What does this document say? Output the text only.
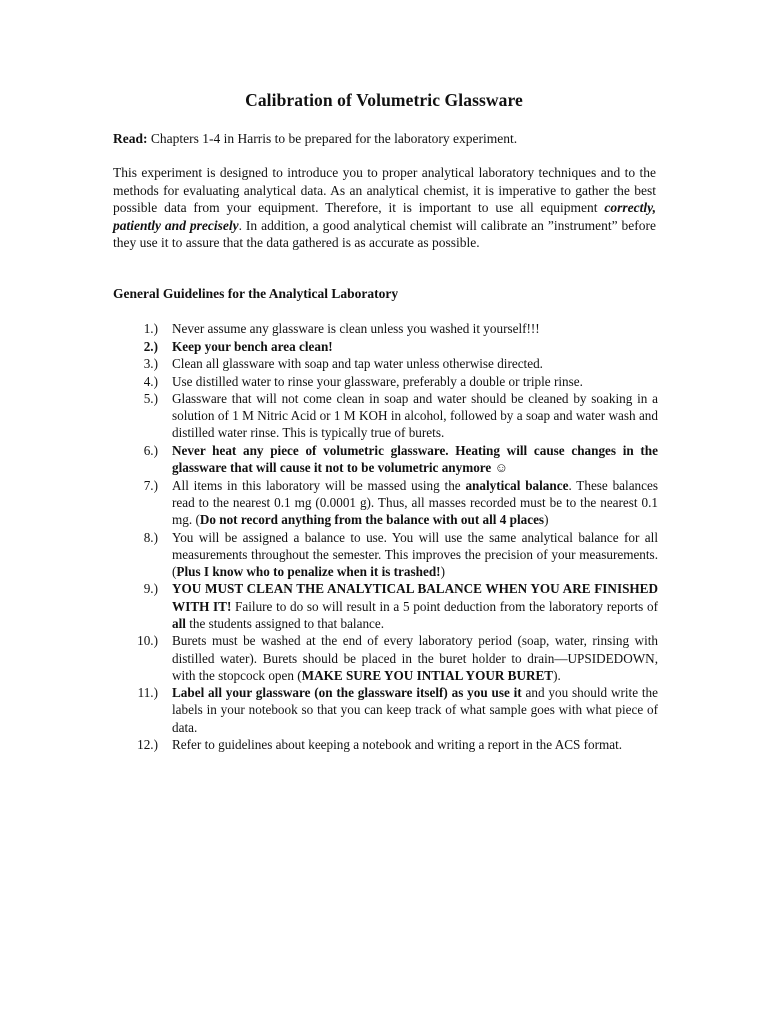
Calibration of Volumetric Glassware
Read: Chapters 1-4 in Harris to be prepared for the laboratory experiment.

This experiment is designed to introduce you to proper analytical laboratory techniques and to the methods for evaluating analytical data. As an analytical chemist, it is imperative to gather the best possible data from your equipment. Therefore, it is important to use all equipment correctly, patiently and precisely. In addition, a good analytical chemist will calibrate an ”instrument” before they use it to assure that the data gathered is as accurate as possible.

General Guidelines for the Analytical Laboratory
1.) Never assume any glassware is clean unless you washed it yourself!!!
2.) Keep your bench area clean!
3.) Clean all glassware with soap and tap water unless otherwise directed.
4.) Use distilled water to rinse your glassware, preferably a double or triple rinse.
5.) Glassware that will not come clean in soap and water should be cleaned by soaking in a solution of 1 M Nitric Acid or 1 M KOH in alcohol, followed by a soap and water wash and distilled water rinse. This is typically true of burets.
6.) Never heat any piece of volumetric glassware. Heating will cause changes in the glassware that will cause it not to be volumetric anymore ☺
7.) All items in this laboratory will be massed using the analytical balance. These balances read to the nearest 0.1 mg (0.0001 g). Thus, all masses recorded must be to the nearest 0.1 mg. (Do not record anything from the balance with out all 4 places)
8.) You will be assigned a balance to use. You will use the same analytical balance for all measurements throughout the semester. This improves the precision of your measurements. (Plus I know who to penalize when it is trashed!)
9.) YOU MUST CLEAN THE ANALYTICAL BALANCE WHEN YOU ARE FINISHED WITH IT! Failure to do so will result in a 5 point deduction from the laboratory reports of all the students assigned to that balance.
10.) Burets must be washed at the end of every laboratory period (soap, water, rinsing with distilled water). Burets should be placed in the buret holder to drain—UPSIDEDOWN, with the stopcock open (MAKE SURE YOU INTIAL YOUR BURET).
11.) Label all your glassware (on the glassware itself) as you use it and you should write the labels in your notebook so that you can keep track of what sample goes with what piece of data.
12.) Refer to guidelines about keeping a notebook and writing a report in the ACS format.
